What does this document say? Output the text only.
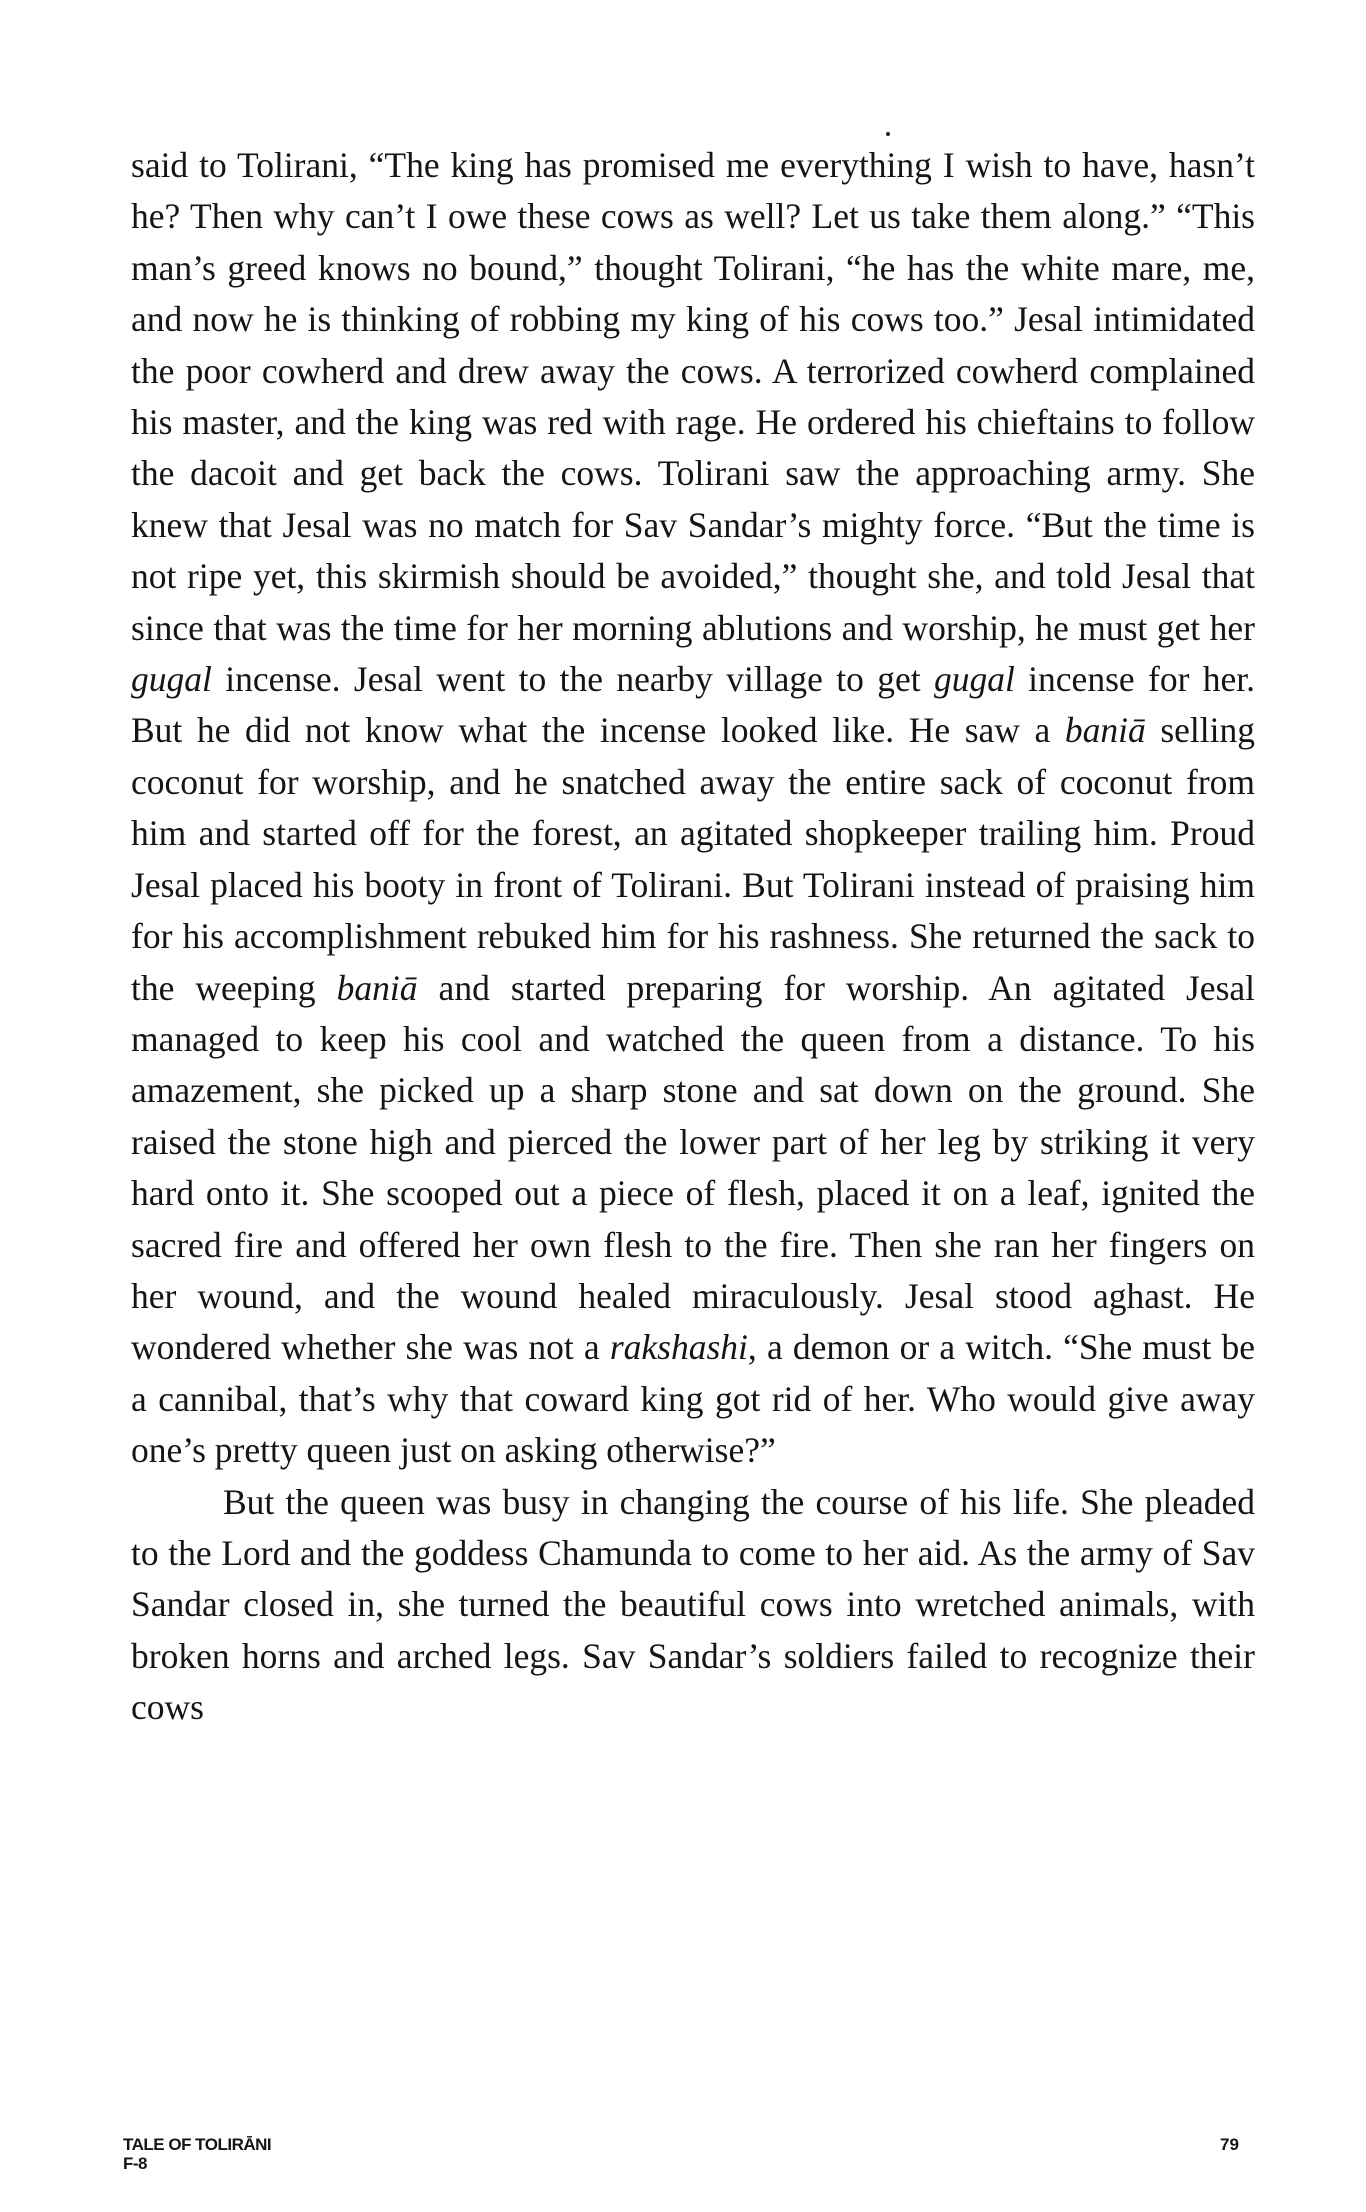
said to Tolirani, “The king has promised me everything I wish to have, hasn’t he? Then why can’t I owe these cows as well? Let us take them along.” “This man’s greed knows no bound,” thought Tolirani, “he has the white mare, me, and now he is thinking of robbing my king of his cows too.” Jesal intimidated the poor cowherd and drew away the cows. A terrorized cowherd complained his master, and the king was red with rage. He ordered his chieftains to follow the dacoit and get back the cows. Tolirani saw the approaching army. She knew that Jesal was no match for Sav Sandar’s mighty force. “But the time is not ripe yet, this skirmish should be avoided,” thought she, and told Jesal that since that was the time for her morning ablutions and worship, he must get her gugal incense. Jesal went to the nearby village to get gugal incense for her. But he did not know what the incense looked like. He saw a baniā selling coconut for worship, and he snatched away the entire sack of coconut from him and started off for the forest, an agitated shopkeeper trailing him. Proud Jesal placed his booty in front of Tolirani. But Tolirani instead of praising him for his accomplishment rebuked him for his rashness. She returned the sack to the weeping baniā and started preparing for worship. An agitated Jesal managed to keep his cool and watched the queen from a distance. To his amazement, she picked up a sharp stone and sat down on the ground. She raised the stone high and pierced the lower part of her leg by striking it very hard onto it. She scooped out a piece of flesh, placed it on a leaf, ignited the sacred fire and offered her own flesh to the fire. Then she ran her fingers on her wound, and the wound healed miraculously. Jesal stood aghast. He wondered whether she was not a rakshashi, a demon or a witch. “She must be a cannibal, that’s why that coward king got rid of her. Who would give away one’s pretty queen just on asking otherwise?”

But the queen was busy in changing the course of his life. She pleaded to the Lord and the goddess Chamunda to come to her aid. As the army of Sav Sandar closed in, she turned the beautiful cows into wretched animals, with broken horns and arched legs. Sav Sandar’s soldiers failed to recognize their cows

TALE OF TOLIRĀNI
F-8
79
